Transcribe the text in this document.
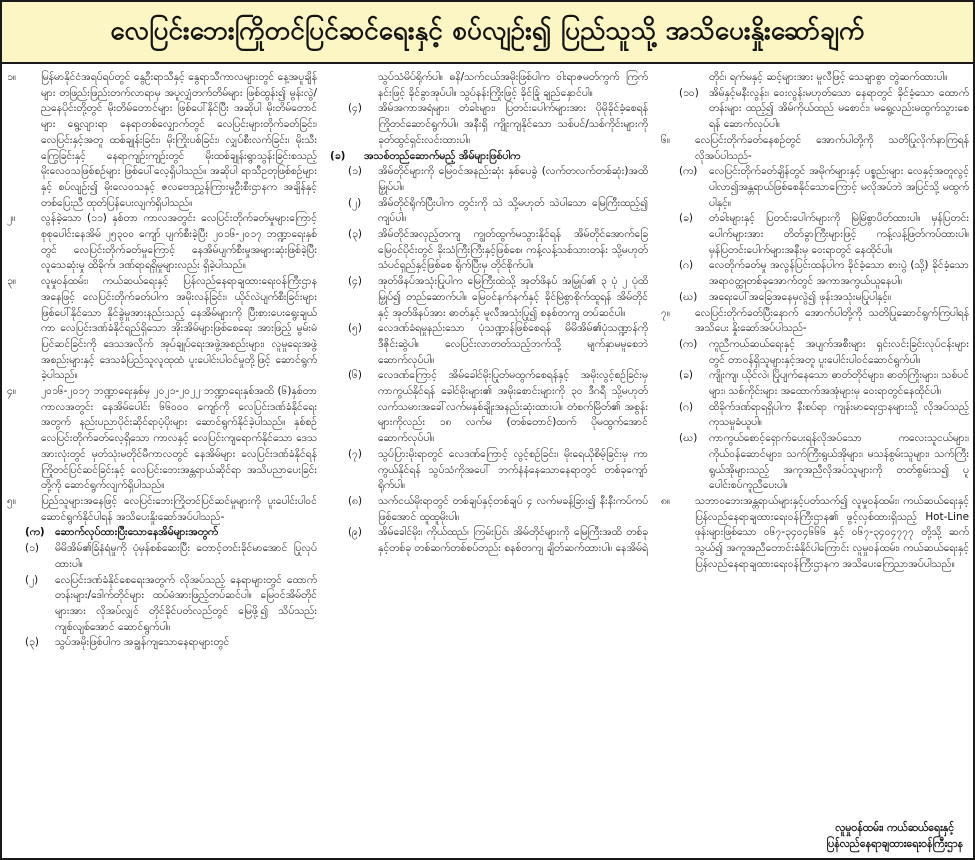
လေပြင်းဘေးကြိုတင်ပြင်ဆင်ရေးနှင့် စပ်လျဉ်း၍ ပြည်သူသို့ အသိပေးနှိုးဆော်ချက်
၁။	မြန်မာနိုင်ငံအရပ်ရပ်တွင် နွေဦးရာသီနှင့် နွေရာသီကာလများတွင် နေ့အပူချိန်များ တဖြည်းဖြည်းတက်လာရာမှ အပူလျှံတက်တိမ်များ ဖြစ်ထွန်း၍ မွန်းလွဲ/ညနေပိုင်းတို့တွင် မိုးတိမ်တောင်များ ဖြစ်ပေါ်နိုင်ပြီး အဆိုပါ မိုးတိမ်တောင်များ ရွေ့လျားရာ နေရာတစ်လျှောက်တွင် လေပြင်းများတိုက်ခတ်ခြင်း၊ လေပြင်းနှင့်အတူ ထစ်ချုန်းခြင်း၊ မိုးကြိုးပစ်ခြင်း၊ လျှပ်စီးလက်ခြင်း၊ မိုးသီးကြွေခြင်းနှင့် နေရာကျဉ်းကျဉ်းတွင် မိုးထစ်ချုန်းရွာသွန်းခြင်းစသည့် မိုးလေဝသဖြစ်စဉ်များ ဖြစ်ပေါ်လေ့ရှိပါသည်။ အဆိုပါ ရာသီဥတုဖြစ်စဉ်များနှင့် စပ်လျဉ်း၍ မိုးလေဝသနှင့် ဇလဗေဒညွှန်ကြားမှုဦးစီးဌာနက အချိန်နှင့်တစ်ပြေးညီ ထုတ်ပြန်ပေးလျက်ရှိပါသည်။
၂။	လွန်ခဲ့သော (၁၁) နှစ်တာ ကာလအတွင်း လေပြင်းတိုက်ခတ်မှုများကြောင့် စုစုပေါင်းနေအိမ် ၂၅၃၀၀ ကျော် ပျက်စီးခဲ့ပြီး ၂၀၁၆-၂၀၁၇ ဘဏ္ဍာရေးနှစ်တွင် လေပြင်းတိုက်ခတ်မှုကြောင့် နေအိမ်ပျက်စီးမှုအများဆုံးဖြစ်ခဲ့ပြီး လူသေဆုံးမှု ထိခိုက်၊ ဒဏ်ရာရရှိမှုများလည်း ရှိခဲ့ပါသည်။
၃။	လူမှုဝန်ထမ်း၊ ကယ်ဆယ်ရေးနှင့် ပြန်လည်နေရာချထားရေးဝန်ကြီးဌာနအနေဖြင့် လေပြင်းတိုက်ခတ်ပါက အမိုးလန်ခြင်း၊ ယိုင်လဲပျက်စီးခြင်းများ ဖြစ်ပေါ်နိုင်သော နိုင်ခွဲမှုအားနည်းသည့် နေအိမ်များကို ပြီးစားပေးရွေးချယ်ကာ လေပြင်းဒဏ်ခံနိုင်ရည်ရှိသော အိုးအိမ်များဖြစ်စေရေး အားဖြည့် မွမ်းမံ ပြင်ဆင်ခြင်းကို ဒေသအလိုက် အုပ်ချုပ်ရေးအဖွဲ့အစည်းများ၊ လူမှုရေးအဖွဲ့အစည်းများနှင့် ဒေသခံပြည်သူလူထုထံ ပူးပေါင်းပါဝင်မှုတို့ဖြင့် ဆောင်ရွက်ခဲ့ပါသည်။
၄။	၂၀၁၆-၂၀၁၇ ဘဏ္ဍာရေးနှစ်မှ ၂၀၂၁-၂၀၂၂ ဘဏ္ဍာရေးနှစ်အထိ (၆)နှစ်တာကာလအတွင်း နေအိမ်ပေါင်း ၆၆၀၀၀ ကျော်ကို လေပြင်းဒဏ်ခံနိုင်ရေးအတွက် နည်းပညာပိုင်းဆိုင်ရာပံ့ပိုးများ ဆောင်ရွက်နိုင်ခဲ့ပါသည်။ နှစ်စဉ်လေပြင်းတိုက်ခတ်လေ့ရှိသော ကာလနှင့် လေပြင်းကျရောက်နိုင်သော ဒေသအားလုံးတွင် မှတ်သုံးမတိုင်မီကာလတွင် နေအိမ်များ လေပြင်းဒဏ်ခံနိုင်ရန် ကြိုတင်ပြင်ဆင်ခြင်းနှင့် လေပြင်းဘေးအန္တရာယ်ဆိုင်ရာ အသိပညာပေးခြင်းတို့ကို ဆောင်ရွက်လျက်ရှိပါသည်။
၅။	ပြည်သူများအနေဖြင့် လေပြင်းဘေးကြိုတင်ပြင်ဆင်မှုများကို ပူးပေါင်းပါဝင်ဆောင်ရွက်နိုင်ပါရန် အသိပေးနှိုးဆော်အပ်ပါသည်-
(က) ဆောက်လုပ်ထားပြီးသောနေအိမ်များအတွက်
(၁)	မိမိအိမ်၏ခြံနံရံမှုကို ပုံမှန်စစ်ဆေးပြီး တောင့်တင်းခိုင်မာအောင် ပြုလုပ်ထားပါ။
(၂)	လေပြင်းဒဏ်ခံနိုင်စေရေးအတွက် လိုအပ်သည့် နေရာများတွင် ထောက်တန်းများ/ဒေါက်တိုင်များ ထပ်မံအားဖြည့်တပ်ဆင်ပါ။ မြေဝင်အိမ်တိုင်များအား လိုအပ်လျှင် တိုင်ခိုင်ပတ်လည်တွင် မြေဖို့၍ သိပ်သည်းကျစ်လျစ်အောင် ဆောင်ရွက်ပါ။
(၃)	သွပ်အမိုးဖြစ်ပါက အချွန်ကျသောနေရာများတွင်
သွပ်သံမိပ်ရိုက်ပါ။ ဓနိ/သက်ငယ်အမိုးဖြစ်ပါက ဝါးရာဇမတ်ကွက် ကြက်နင်းဖြင့် ခိုင်ခွာအုပ်ပါ။ သွပ်နန်းကြိုးဖြင့် ခိုင်ခြုံ ချည်နှောင်ပါ။
(၄)	အိမ်အကာအရံများ၊ တံခါးများ၊ ပြတင်းပေါက်များအား ပိုမိုခိုင်ခံ့စေရန် ကြိုတင်ဆောင်ရွက်ပါ။ အနီးရှိ ကျိုးကျနိုင်သော သစ်ပင်/သစ်ကိုင်းများကို ခုတ်ထွင်ရှင်းလင်းထားပါ။
(ခ)	အသစ်တည်ဆောက်မည့် အိမ်များဖြစ်ပါက
(၁)	အိမ်တိုင်များကို မြေဝင်အနည်းဆုံး နှစ်ပေခွဲ (လက်တလက်တစ်ဆုံး)အထိ မြှုပ်ပါ။
(၂)	အိမ်တိုင်ရိုက်ပြီးပါက တွင်းကို သဲ သို့မဟုတ် သဲပါသော မြေကြီးထည့်၍ ကျပ်ပါ။
(၃)	အိမ်တိုင်အလှည့်တကျ ကျွတ်ထွက်မသွားနိုင်ရန် အိမ်တိုင်အောက်ခြေ မြေ၀င်ပိုင်းတွင် ခိုးသံကြီးကြီးနှင့်ဖြစ်စေ၊ ကန့်လန့်သစ်သားတန်း သို့မဟုတ် သံပင်ရှည်နှင့်ဖြစ်စေ ရိုက်ပြီးမှ တိုင်စိုက်ပါ။
(၄)	အုတ်ဖိနပ်အသုံးပြုပါက မြေကြီးထဲသို့ အုတ်ဖိနပ် အမြှုပ်၏ ၃ ပုံ ၂ ပုံထိ မြှုပ်၍ တည်ဆောက်ပါ။ မြေဝင်နက်နက်နှင့် ခိုင်မြဲစွာစိုက်ထူရန် အိမ်တိုင်နှင့် အုတ်ဖိနပ်အား ဓာတ်နှင့် မူလီအသုံးပြု၍ စနစ်တကျ တပ်ဆင်ပါ။
(၅)	လေဒဏ်ခံရမှုနည်းသော ပုံသဏ္ဍာန်ဖြစ်စေရန် မိမိအိမ်၏ပုံသဏ္ဍာန်ကို ဒီဇိုင်းဆွဲပါ။ လေပြင်းလာတတ်သည့်ဘက်သို့ မျက်နှာမမူစေဘဲ ဆောက်လုပ်ပါ။
(၆)	လေဒဏ်ကြောင့် အိမ်ခေါင်မိုးပြုတ်မထွက်စေရန်နှင့် အမိုးလွင့်စဉ်ခြင်းမှ ကာကွယ်နိုင်ရန် ခေါင်မိုးများ၏ အမိုးစောင်းများကို ၃၀ ဒီဂရီ သို့မဟုတ် လက်သမားအခေါ်လက်မနှစ်ချိုးအနည်းဆုံးထားပါ။ တံစက်မြိတ်၏ အစွန်းများကိုလည်း ၁၈ လက်မ (တစ်တောင်)ထက် ပိုမထွက်အောင် ဆောက်လုပ်ပါ။
(၇)	သွပ်ပြားမိုးရာတွင် လေဒဏ်ကြောင့် လွင့်စဉ်ခြင်း၊ မိုးရေယိုစိမ့်ခြင်းမှ ကာကွယ်နိုင်ရန် သွပ်သံကိုအပေါ် ဘက်နံနံနေသောနေရာတွင် တစ်ခုကျော် ရိုက်ပါ။
(၈)	သက်ငယ်မိုးရာတွင် တစ်ချပ်နှင့်တစ်ချပ် ၄ လက်မခန့်ခြား၍ နီးနီးကပ်ကပ်ဖြစ်အောင် ထူထူမိုးပါ။
(၉)	အိမ်ခေါင်မိုး၊ ကိုယ်ထည်၊ ကြမ်းပြင်၊ အိမ်တိုင်များကို မြေကြီးအထိ တစ်ခုနှင့်တစ်ခု တစ်ဆက်တစ်စပ်တည်း စနစ်တကျ ချိတ်ဆက်ထားပါ။ နေအိမ်ရဲ့
တိုင်၊ ရက်မနှင့် ဆင့်များအား မူလီဖြင့် သေချာစွာ တွဲဆက်ထားပါ။
(၁၀) အိမ်နှင့်မနီးလွန်း၊ ဝေးလွန်းမဟုတ်သော နေရာတွင် ခိုင်ခံ့သော ထောက်တန်းများ ထည့်၍ အိမ်ကိုယ်ထည် မစောင်း၊ မရွေ့လည်းမထွက်သွားစေရန် ဆောက်လုပ်ပါ။
၆။	လေပြင်းတိုက်ခတ်နေစဉ်တွင် အောက်ပါတို့ကို သတိပြုလိုက်နာကြရန် လိုအပ်ပါသည်-
(က)	လေပြင်းတိုက်ခတ်ချိန်တွင် အမိုက်များနှင့် ပစ္စည်းများ လေနှင့်အတူလွင့်ပါလာ၍အန္တရာယ်ဖြစ်စေနိုင်သောကြောင့် မလိုအပ်ဘဲ အပြင်သို့ မထွက်ပါနှင့်။
(ခ)	တံခါးများနှင့် ပြတင်းပေါက်များကို မြဲမြံစွာပိတ်ထားပါ။ မှန်ပြတင်းပေါက်များအား တိတ်ခွာကြီးများဖြင့် ကန့်လန့်ဖြတ်ကပ်ထားပါ။ မှန်ပြတင်းပေါက်များအနီးမှ ဝေးရာတွင် နေထိုင်ပါ။
(ဂ)	လေတိုက်ခတ်မှု အလွန်ပြင်းထန်ပါက ခိုင်ခံ့သော စားပွဲ (သို့) ခိုင်ခံ့သော အရာဝတ္ထုတစ်ခုအောက်တွင် အကာအကွယ်ယူနေပါ။
(ဃ)	အရေးပေါ်အခြေအနေမှလွဲ၍ ဖုန်းအသုံးမပြုပါနှင့်။
၇။	လေပြင်းတိုက်ခတ်ပြီးနောက် အောက်ပါတို့ကို သတိပြုဆောင်ရွက်ကြပါရန် အသိပေး နှိုးဆော်အပ်ပါသည်-
(က)	ကူညီကယ်ဆယ်ရေးနှင့် အပျက်အစီးများ ရှင်းလင်းခြင်းလုပ်ငန်းများတွင် တာဝန်ရှိသူများနှင့်အတူ ပူးပေါင်းပါဝင်ဆောင်ရွက်ပါ။
(ခ)	ကျိုးကျ၊ ယိုင်လဲ၊ ပြိုပျက်နေသော ဓာတ်တိုင်များ၊ ဓာတ်ကြိုးများ၊ သစ်ပင်များ၊ သစ်ကိုင်းများ အထောက်အအုံများမှ ဝေးရာတွင်နေထိုင်ပါ။
(ဂ)	ထိခိုက်ဒဏ်ရာရရှိပါက နီးစပ်ရာ ကျန်းမာရေးဌာနများသို့ လိုအပ်သည့် ကုသမှုခံယူပါ။
(ဃ)	ကာကွယ်စောင့်ရှောက်ပေးရန်လိုအပ်သော ကလေးသူငယ်များ၊ ကိုယ်ဝန်ဆောင်များ၊ သက်ကြီးရွယ်အိုများ၊ မသန်စွမ်းသူများ၊ သက်ကြီးရွယ်အိုများသည့် အကူအညီလိုအပ်သူများကို တတ်စွမ်းသ၍ ပူပေါင်းစပ်ကူညီပေးပါ။
၈။	သဘာဝဘေးအန္တရာယ်များနှင့်ပတ်သက်၍ လူမှုဝန်ထမ်း၊ ကယ်ဆယ်ရေးနှင့် ပြန်လည်နေရာချထားရေးဝန်ကြီးဌာန၏ ဖွင့်လှစ်ထားရှိသည့် Hot-Line ဖုန်းများဖြစ်သော ၀၆၇-၃၄၀၄၆၆၆ နှင့် ၀၆၇-၃၄၀၄၇၇၇ တို့သို့ ဆက်သွယ်၍ အကူအညီတောင်းခံနိုင်ပါကြောင်း လူမှုဝန်ထမ်း၊ ကယ်ဆယ်ရေးနှင့် ပြန်လည်နေရာချထားရေးဝန်ကြီးဌာနက အသိပေးကြေညာအပ်ပါသည်။
လူမှုဝန်ထမ်း၊ ကယ်ဆယ်ရေးနှင့်
ပြန်လည်နေရာချထားရေးဝန်ကြီးဌာန
